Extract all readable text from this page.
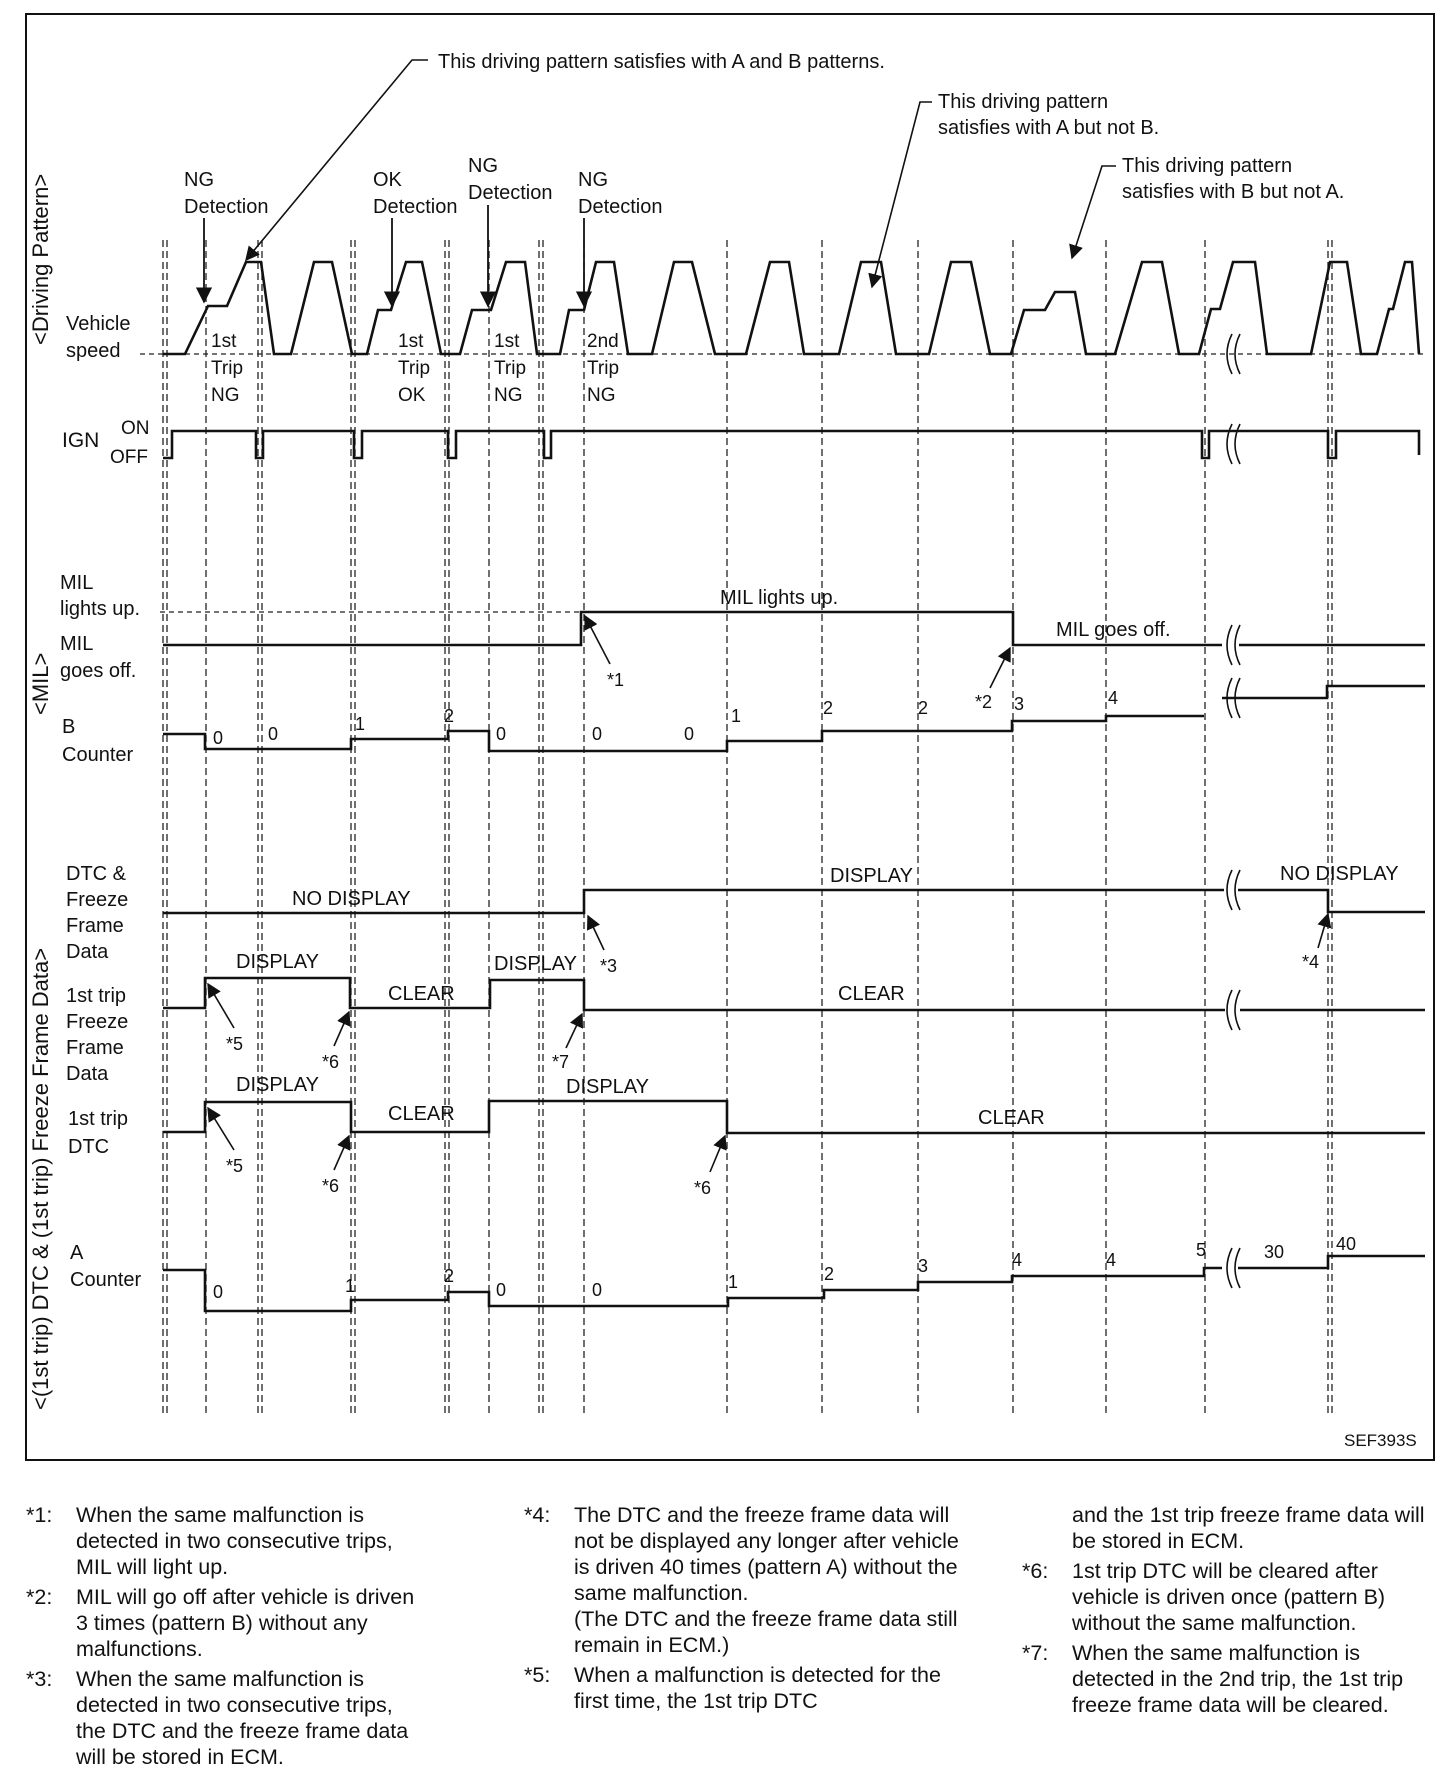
<Driving Pattern>
<MIL>
<(1st trip) DTC & (1st trip) Freeze Frame Data>
Vehicle
speed
IGN
ON
OFF
MIL
lights up.
MIL
goes off.
B
Counter
DTC &
Freeze
Frame
Data
1st trip
Freeze
Frame
Data
1st trip
DTC
A
Counter
This driving pattern satisfies with A and B patterns.
This driving pattern
satisfies with A but not B.
This driving pattern
satisfies with B but not A.
NG
Detection
OK
Detection
NG
Detection
NG
Detection
1st
Trip
NG
1st
Trip
OK
1st
Trip
NG
2nd
Trip
NG
MIL lights up.
MIL goes off.
NO DISPLAY
DISPLAY	NO DISPLAY
DISPLAY
CLEAR
DISPLAY
CLEAR
DISPLAY
CLEAR
DISPLAY
CLEAR
0 0	1	2
0	0	0
1	2	2	3	4
0	1	2
0	0	1	2	3	4	4	5	30	40
*1
*2
*3	*4
*5
*6	*7
*5
*6	*6
SEF393S
*1:	When the same malfunction is detected in two consecutive trips, MIL will light up.
*2:	MIL will go off after vehicle is driven 3 times (pattern B) without any malfunctions.
*3:	When the same malfunction is detected in two consecutive trips, the DTC and the freeze frame data will be stored in ECM.
*4:	The DTC and the freeze frame data will not be displayed any longer after vehicle is driven 40 times (pattern A) without the same malfunction.
(The DTC and the freeze frame data still remain in ECM.)
*5:	When a malfunction is detected for the first time, the 1st trip DTC
and the 1st trip freeze frame data will be stored in ECM.
*6:	1st trip DTC will be cleared after vehicle is driven once (pattern B) without the same malfunction.
*7:	When the same malfunction is detected in the 2nd trip, the 1st trip freeze frame data will be cleared.
